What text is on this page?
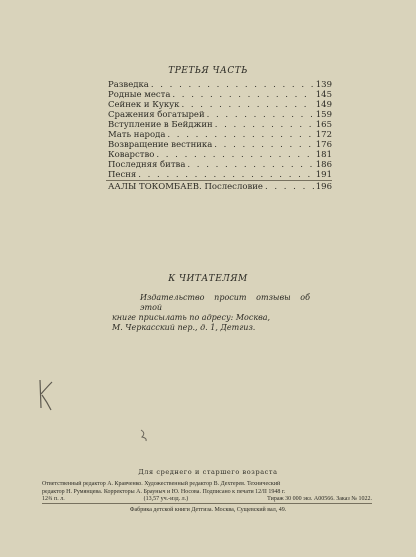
ТРЕТЬЯ ЧАСТЬ
Разведка . . .	139
Родные места . . .	145
Сейнек и Кукук . . .	149
Сражения богатырей . . .	159
Вступление в Бейджин . . .	165
Мать народа . . .	172
Возвращение вестника . . .	176
Коварство . . .	181
Последняя битва . . .	186
Песня . . .	191
ААЛЫ ТОКОМБАЕВ. Послесловие . . .	196
К ЧИТАТЕЛЯМ
Издательство просит отзывы об этой
книге присылать по адресу: Москва,
М. Черкасский пер., д. 1, Детгиз.
Для среднего и старшего возраста
Ответственный редактор А. Кравченко. Художественный редактор В. Дехтерев. Технический
редактор Н. Румянцева. Корректоры А. Брауныч и Ю. Носова. Подписано к печати 12/II 1948 г.
12¾ п. л.	(13,57 уч.-изд. л.)	Тираж 30 000 экз. А00566. Заказ № 1022.
Фабрика детской книги Детгиза. Москва, Сущевский вал, 49.
